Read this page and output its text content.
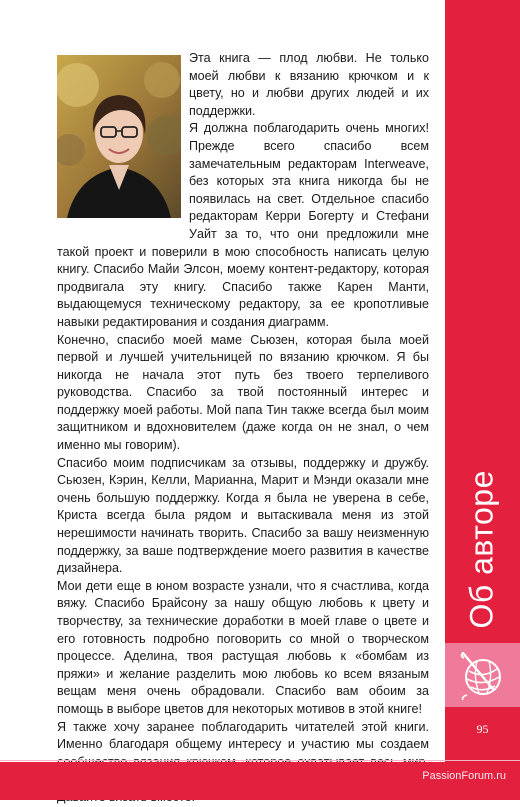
Эта книга — плод любви. Не только моей любви к вязанию крючком и к цвету, но и любви других людей и их поддержки.

Я должна поблагодарить очень многих! Прежде всего спасибо всем замечательным редакторам Interweave, без которых эта книга никогда бы не появилась на свет. Отдельное спасибо редакторам Керри Богерту и Стефани Уайт за то, что они предложили мне такой проект и поверили в мою способность написать целую книгу. Спасибо Майи Элсон, моему контент-редактору, которая продвигала эту книгу. Спасибо также Карен Манти, выдающемуся техническому редактору, за ее кропотливые навыки редактирования и создания диаграмм.

Конечно, спасибо моей маме Сьюзен, которая была моей первой и лучшей учительницей по вязанию крючком. Я бы никогда не начала этот путь без твоего терпеливого руководства. Спасибо за твой постоянный интерес и поддержку моей работы. Мой папа Тин также всегда был моим защитником и вдохновителем (даже когда он не знал, о чем именно мы говорим).

Спасибо моим подписчикам за отзывы, поддержку и дружбу. Сьюзен, Кэрин, Келли, Марианна, Марит и Мэнди оказали мне очень большую поддержку. Когда я была не уверена в себе, Криста всегда была рядом и вытаскивала меня из этой нерешимости начинать творить. Спасибо за вашу неизменную поддержку, за ваше подтверждение моего развития в качестве дизайнера.

Мои дети еще в юном возрасте узнали, что я счастлива, когда вяжу. Спасибо Брайсону за нашу общую любовь к цвету и творчеству, за технические доработки в моей главе о цвете и его готовность подробно поговорить со мной о творческом процессе. Аделина, твоя растущая любовь к «бомбам из пряжи» и желание разделить мою любовь ко всем вязаным вещам меня очень обрадовали. Спасибо вам обоим за помощь в выборе цветов для некоторых мотивов в этой книге!

Я также хочу заранее поблагодарить читателей этой книги. Именно благодаря общему интересу и участию мы создаем

Об авторе
95
PassionForum.ru
